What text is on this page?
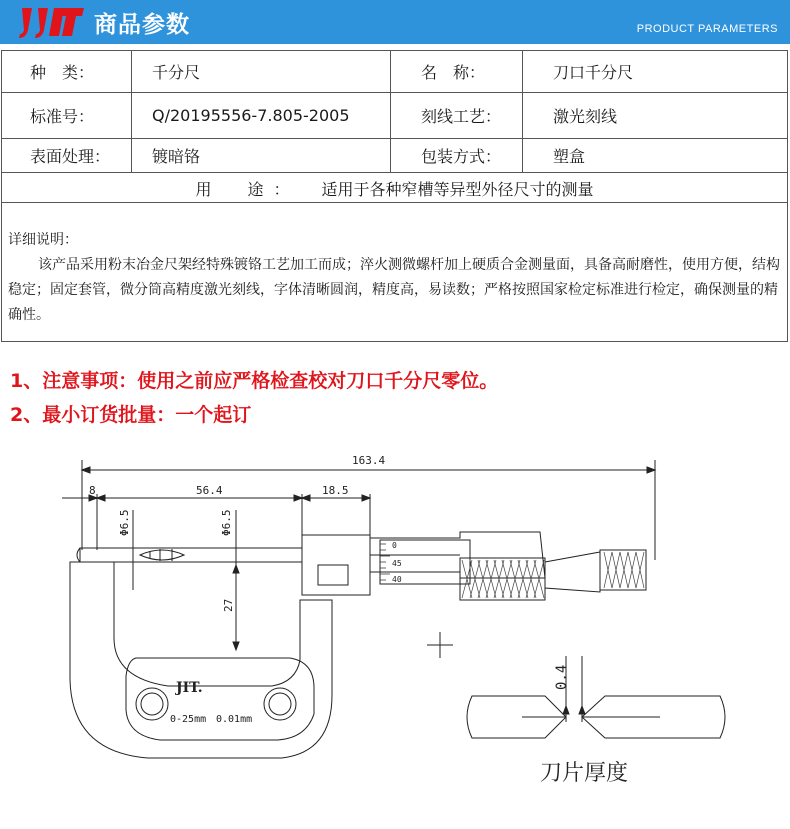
商品参数	PRODUCT PARAMETERS
种　类：	千分尺	名　称：	刀口千分尺
标准号：	Q/20195556-7.805-2005	刻线工艺：	激光刻线
表面处理：	镀暗铬	包装方式：	塑盒
用　途： 适用于各种窄槽等异型外径尺寸的测量
详细说明：
该产品采用粉末冶金尺架经特殊镀铬工艺加工而成；淬火测微螺杆加上硬质合金测量面，具备高耐磨性，使用方便，结构稳定；固定套管，微分筒高精度激光刻线，字体清晰圆润，精度高，易读数；严格按照国家检定标准进行检定，确保测量的精确性。
1、注意事项：使用之前应严格检查校对刀口千分尺零位。
2、最小订货批量：一个起订
163.4
8	56.4	18.5
Φ6.5	Φ6.5
27
JIT.
0-25mm 0.01mm
0
45
40
0.4
刀片厚度
